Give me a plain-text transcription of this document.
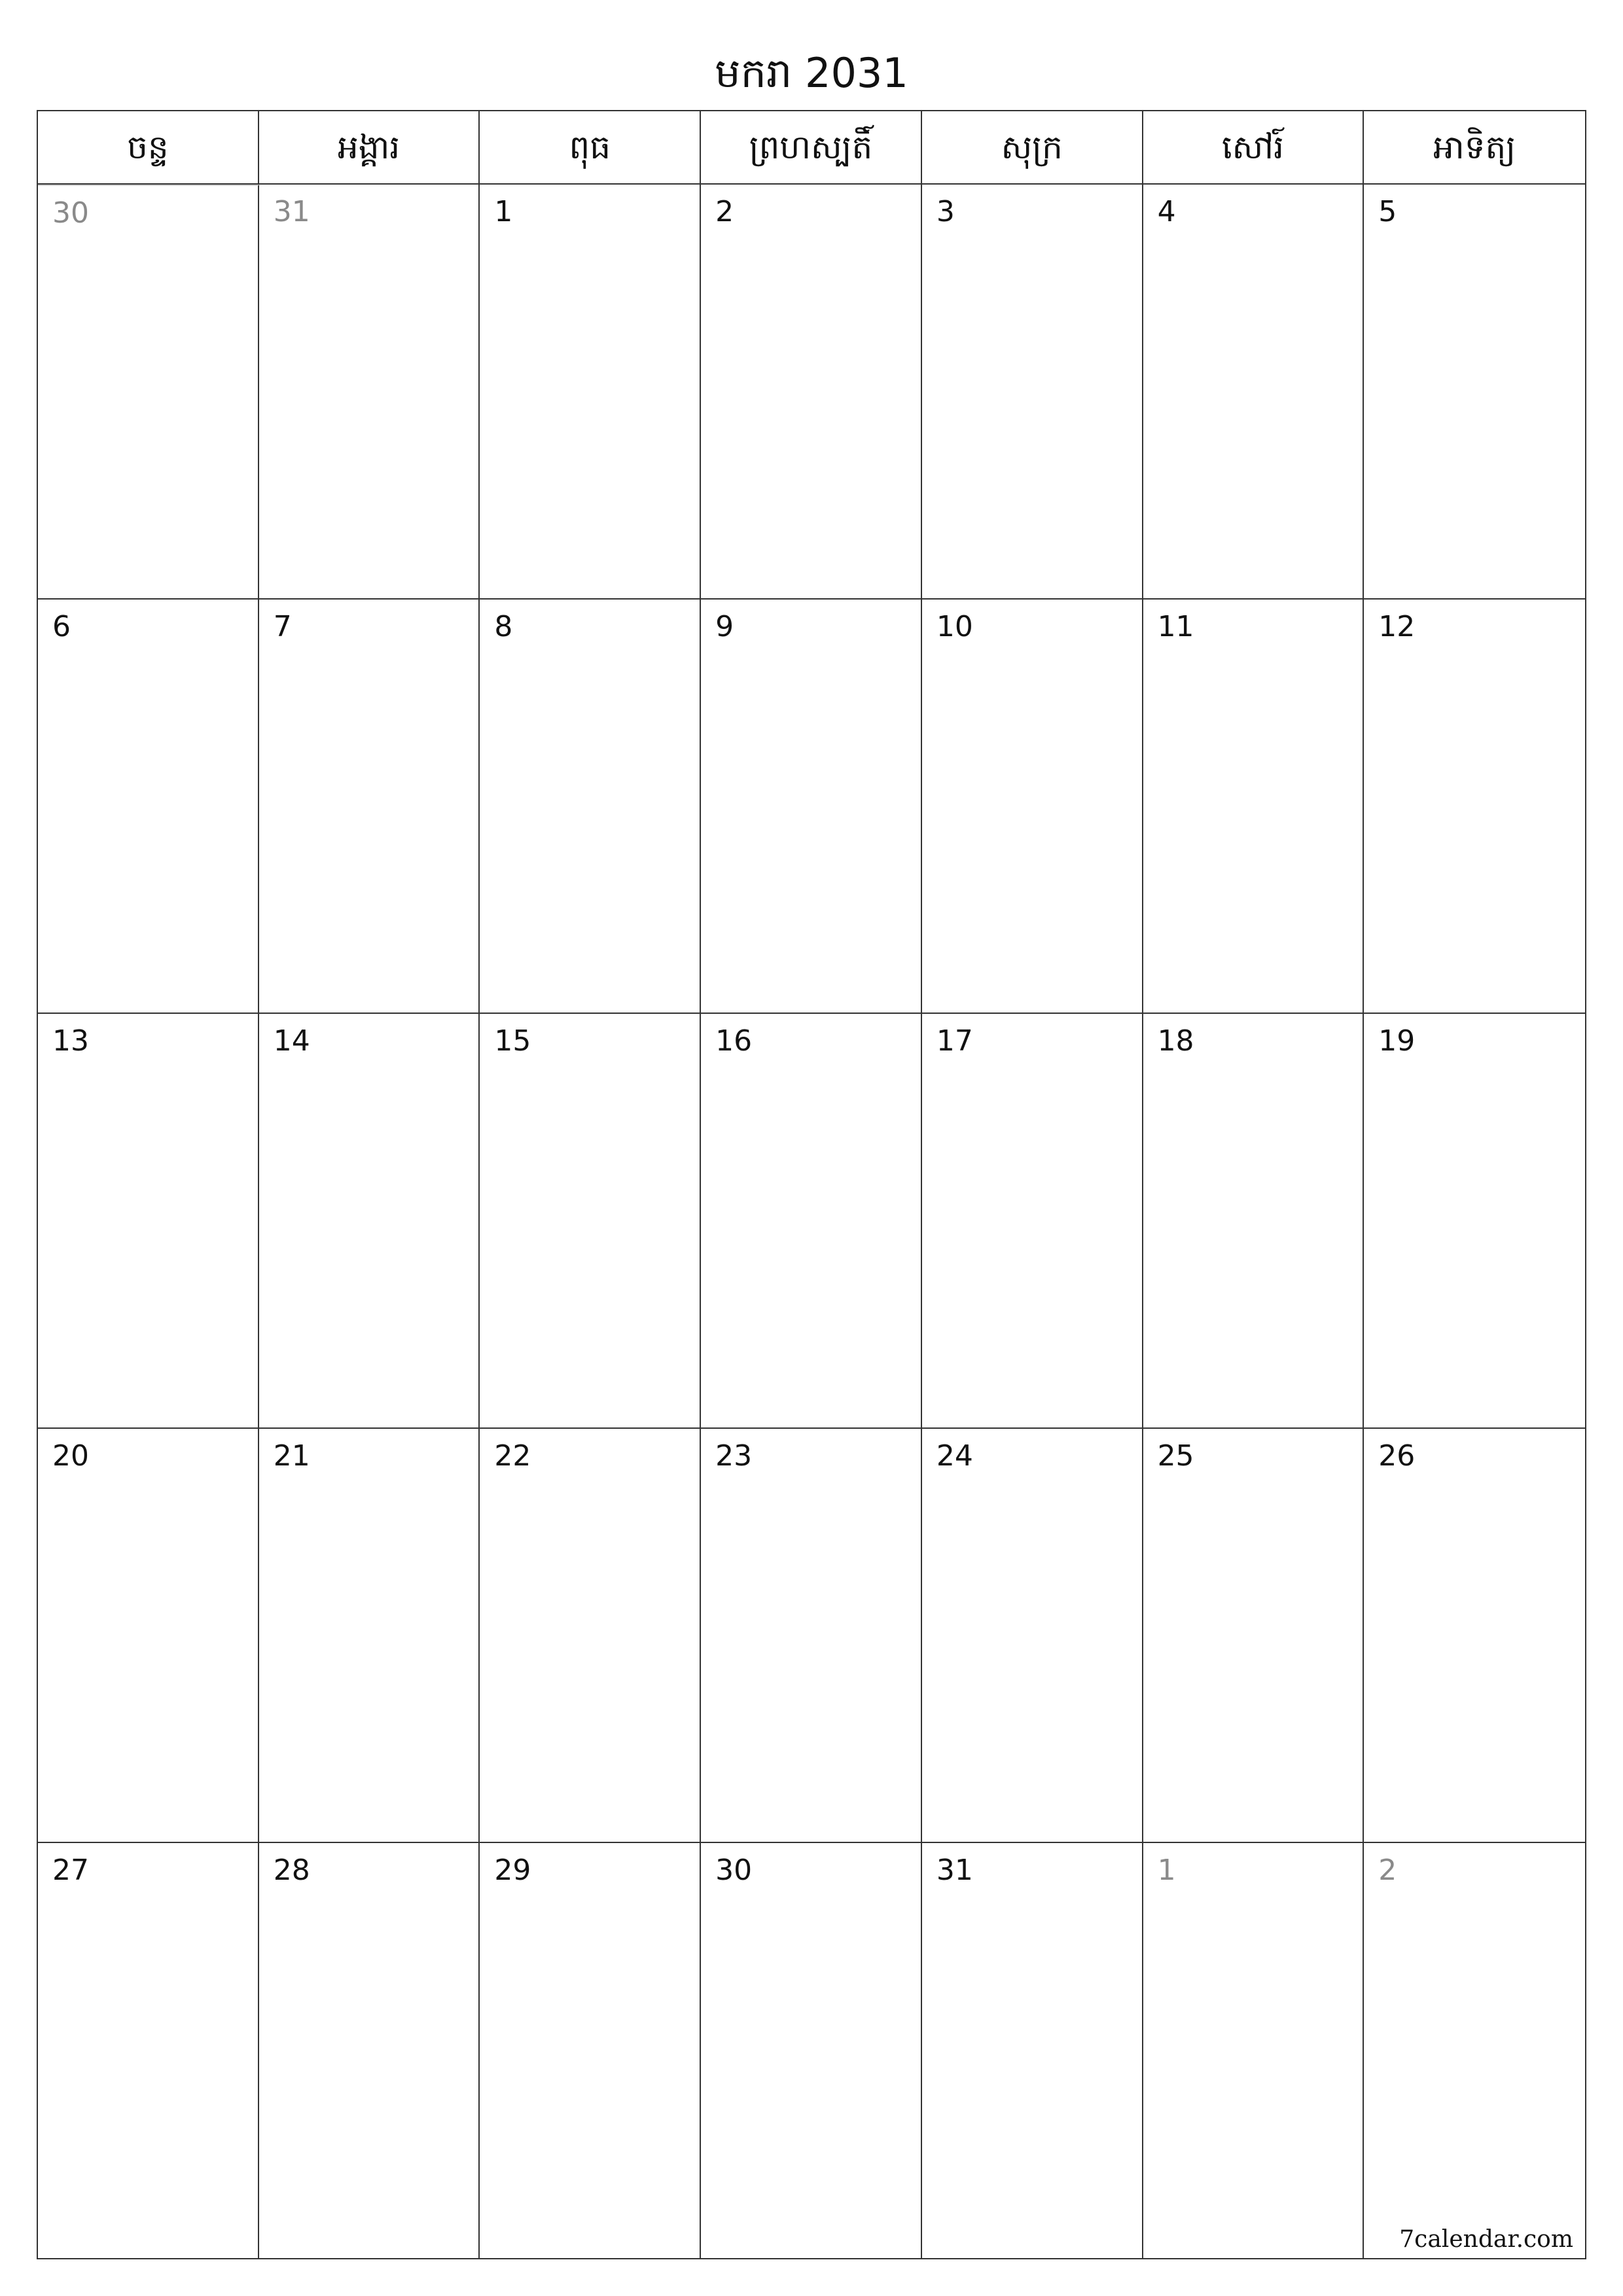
មករា 2031
ចន្ទ	អង្គារ	ពុធ	ព្រហស្បតិ៍	សុក្រ	សៅរ៍	អាទិត្យ
30	31	1	2	3	4	5
6	7	8	9	10	11	12
13	14	15	16	17	18	19
20	21	22	23	24	25	26
27	28	29	30	31	1	2
7calendar.com
